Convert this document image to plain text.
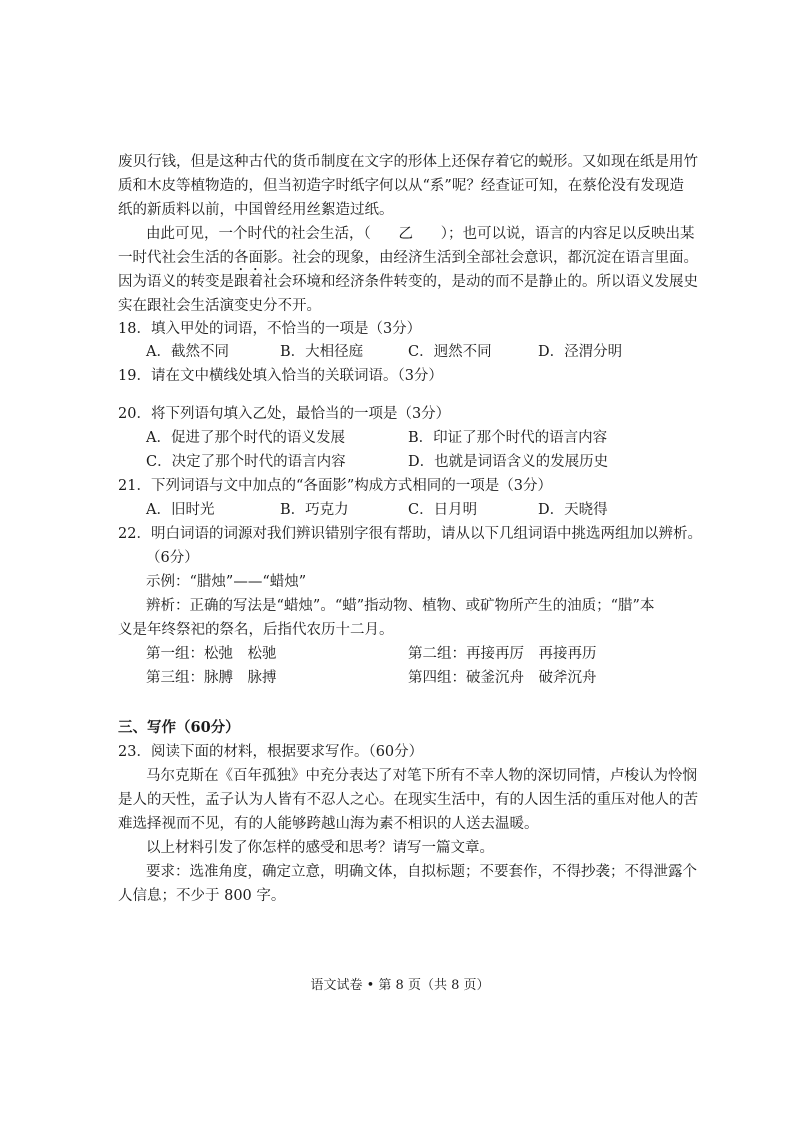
废贝行钱，但是这种古代的货币制度在文字的形体上还保存着它的蜕形。又如现在纸是用竹
质和木皮等植物造的，但当初造字时纸字何以从“系”呢？经查证可知，在蔡伦没有发现造
纸的新质料以前，中国曾经用丝絮造过纸。
由此可见，一个时代的社会生活，（ 乙 ）；也可以说，语言的内容足以反映出某
一时代社会生活的各面影。社会的现象，由经济生活到全部社会意识，都沉淀在语言里面。
因为语义的转变是跟着社会环境和经济条件转变的，是动的而不是静止的。所以语义发展史
实在跟社会生活演变史分不开。
18．填入甲处的词语，不恰当的一项是（3分）
A．截然不同	B．大相径庭	C．迥然不同	D．泾渭分明
19．请在文中横线处填入恰当的关联词语。（3分）
20．将下列语句填入乙处，最恰当的一项是（3分）
A．促进了那个时代的语义发展	B．印证了那个时代的语言内容
C．决定了那个时代的语言内容	D．也就是词语含义的发展历史
21．下列词语与文中加点的“各面影”构成方式相同的一项是（3分）
A．旧时光	B．巧克力	C．日月明	D．天晓得
22．明白词语的词源对我们辨识错别字很有帮助，请从以下几组词语中挑选两组加以辨析。
（6分）
示例：“腊烛”——“蜡烛”
辨析：正确的写法是“蜡烛”。“蜡”指动物、植物、或矿物所产生的油质；“腊”本
义是年终祭祀的祭名，后指代农历十二月。
第一组：松弛　松驰	第二组：再接再厉　再接再历
第三组：脉膊　脉搏	第四组：破釜沉舟　破斧沉舟
三、写作（60分）
23．阅读下面的材料，根据要求写作。（60分）
马尔克斯在《百年孤独》中充分表达了对笔下所有不幸人物的深切同情，卢梭认为怜悯
是人的天性，孟子认为人皆有不忍人之心。在现实生活中，有的人因生活的重压对他人的苦
难选择视而不见，有的人能够跨越山海为素不相识的人送去温暖。
以上材料引发了你怎样的感受和思考？请写一篇文章。
要求：选准角度，确定立意，明确文体，自拟标题；不要套作，不得抄袭；不得泄露个
人信息；不少于 800 字。
语文试卷 • 第 8 页（共 8 页）
